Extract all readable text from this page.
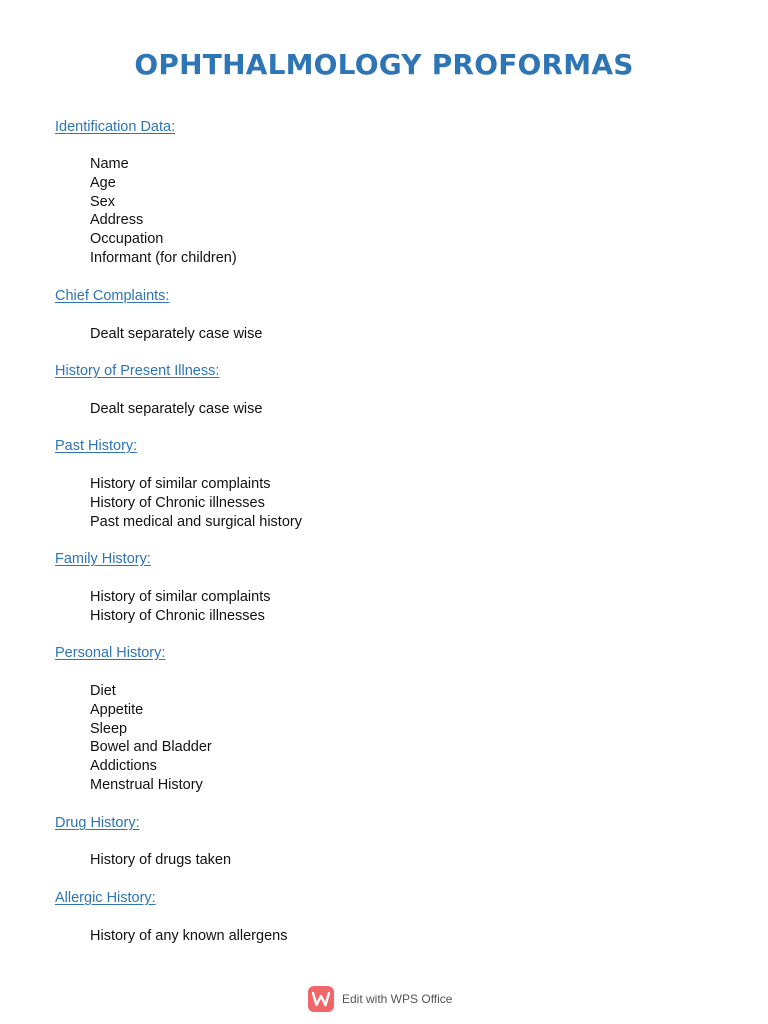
OPHTHALMOLOGY PROFORMAS

Identification Data:

Name
Age
Sex
Address
Occupation
Informant (for children)

Chief Complaints:

Dealt separately case wise

History of Present Illness:

Dealt separately case wise

Past History:

History of similar complaints
History of Chronic illnesses
Past medical and surgical history

Family History:

History of similar complaints
History of Chronic illnesses

Personal History:

Diet
Appetite
Sleep
Bowel and Bladder
Addictions
Menstrual History

Drug History:

History of drugs taken

Allergic History:

History of any known allergens
Edit with WPS Office
